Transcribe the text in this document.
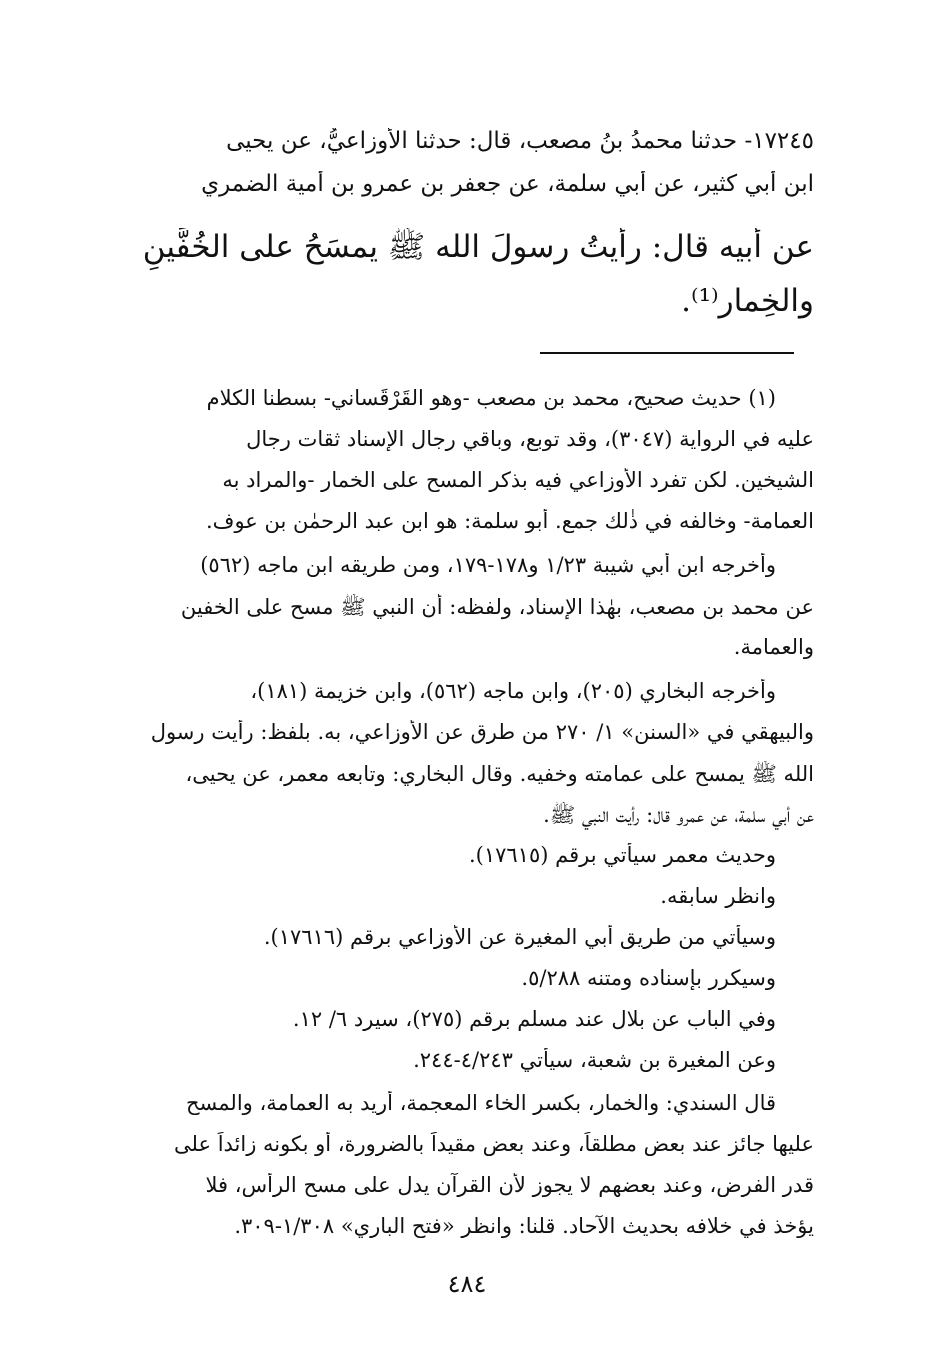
١٧٢٤٥- حدثنا محمدُ بنُ مصعب، قال: حدثنا الأوزاعيُّ، عن يحيى
ابن أبي كثير، عن أبي سلمة، عن جعفر بن عمرو بن أمية الضمري
عن أبيه قال: رأيتُ رسولَ الله ﷺ يمسَحُ على الخُفَّينِ
والخِمار⁽¹⁾.
(١) حديث صحيح، محمد بن مصعب -وهو القَرْقَساني- بسطنا الكلام
عليه في الرواية (٣٠٤٧)، وقد توبع، وباقي رجال الإسناد ثقات رجال
الشيخين. لكن تفرد الأوزاعي فيه بذكر المسح على الخمار -والمراد به
العمامة- وخالفه في ذٰلك جمع. أبو سلمة: هو ابن عبد الرحمٰن بن عوف.
وأخرجه ابن أبي شيبة ١/٢٣ و١٧٨-١٧٩، ومن طريقه ابن ماجه (٥٦٢)
عن محمد بن مصعب، بهٰذا الإسناد، ولفظه: أن النبي ﷺ مسح على الخفين
والعمامة.
وأخرجه البخاري (٢٠٥)، وابن ماجه (٥٦٢)، وابن خزيمة (١٨١)،
والبيهقي في «السنن» ١/ ٢٧٠ من طرق عن الأوزاعي، به. بلفظ: رأيت رسول
الله ﷺ يمسح على عمامته وخفيه. وقال البخاري: وتابعه معمر، عن يحيى،
عن أبي سلمة، عن عمرو قال: رأيت النبي ﷺ.
وحديث معمر سيأتي برقم (١٧٦١٥).
وانظر سابقه.
وسيأتي من طريق أبي المغيرة عن الأوزاعي برقم (١٧٦١٦).
وسيكرر بإسناده ومتنه ٥/٢٨٨.
وفي الباب عن بلال عند مسلم برقم (٢٧٥)، سيرد ٦/ ١٢.
وعن المغيرة بن شعبة، سيأتي ٤/٢٤٣-٢٤٤.
قال السندي: والخمار، بكسر الخاء المعجمة، أريد به العمامة، والمسح
عليها جائز عند بعضٍ مطلقاً، وعند بعض مقيداً بالضرورة، أو بكونه زائداً على
قدر الفرض، وعند بعضهم لا يجوز لأن القرآن يدل على مسح الرأس، فلا
يؤخذ في خلافه بحديث الآحاد. قلنا: وانظر «فتح الباري» ١/٣٠٨-٣٠٩.
٤٨٤
